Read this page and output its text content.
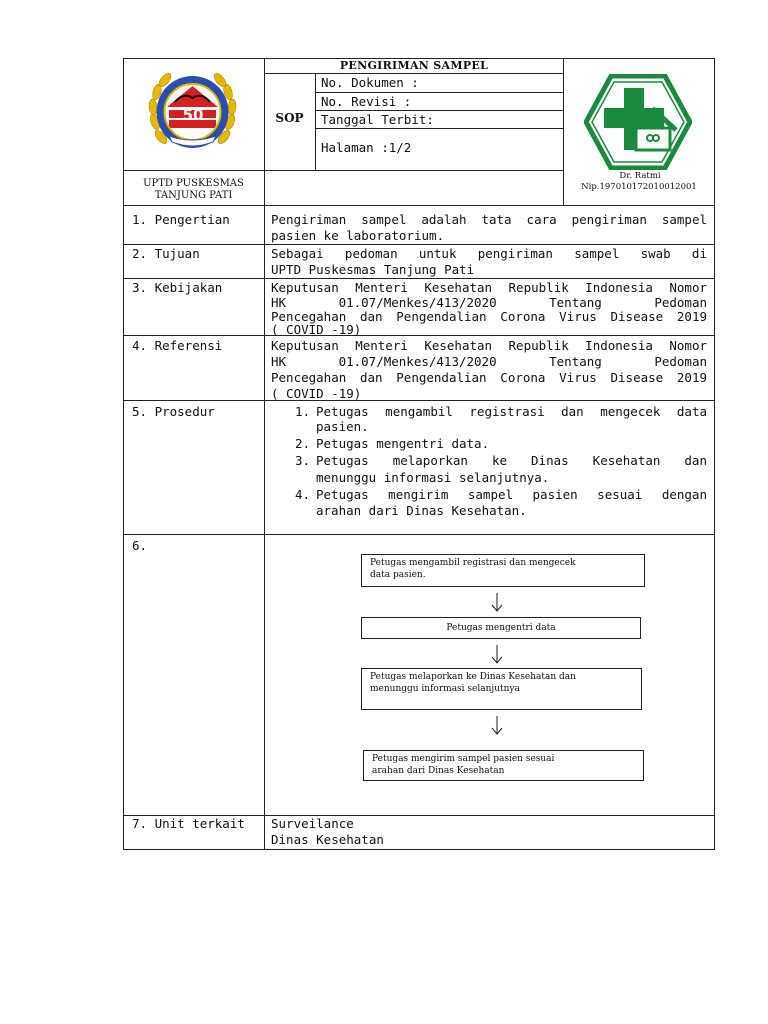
50
PENGIRIMAN SAMPEL
SOP
No. Dokumen :
No. Revisi :
Tanggal Terbit:
Halaman :1/2
UPTD PUSKESMAS
TANJUNG PATI
Dr. Ratmi
Nip.197010172010012001
1. Pengertian	Pengiriman sampel adalah tata cara pengiriman sampel
pasien ke laboratorium.
2. Tujuan	Sebagai pedoman untuk pengiriman sampel swab di
UPTD Puskesmas Tanjung Pati
3. Kebijakan	Keputusan Menteri Kesehatan Republik Indonesia Nomor
HK 01.07/Menkes/413/2020 Tentang Pedoman
Pencegahan dan Pengendalian Corona Virus Disease 2019
( COVID -19)
4. Referensi	Keputusan Menteri Kesehatan Republik Indonesia Nomor
HK 01.07/Menkes/413/2020 Tentang Pedoman
Pencegahan dan Pengendalian Corona Virus Disease 2019
( COVID -19)
5. Prosedur	1. Petugas mengambil registrasi dan mengecek data
pasien.
2. Petugas mengentri data.
3. Petugas melaporkan ke Dinas Kesehatan dan
menunggu informasi selanjutnya.
4. Petugas mengirim sampel pasien sesuai dengan
arahan dari Dinas Kesehatan.
6.
Petugas mengambil registrasi dan mengecek
data pasien.
Petugas mengentri data
Petugas melaporkan ke Dinas Kesehatan dan
menunggu informasi selanjutnya
Petugas mengirim sampel pasien sesuai
arahan dari Dinas Kesehatan
7. Unit terkait Surveilance
Dinas Kesehatan
